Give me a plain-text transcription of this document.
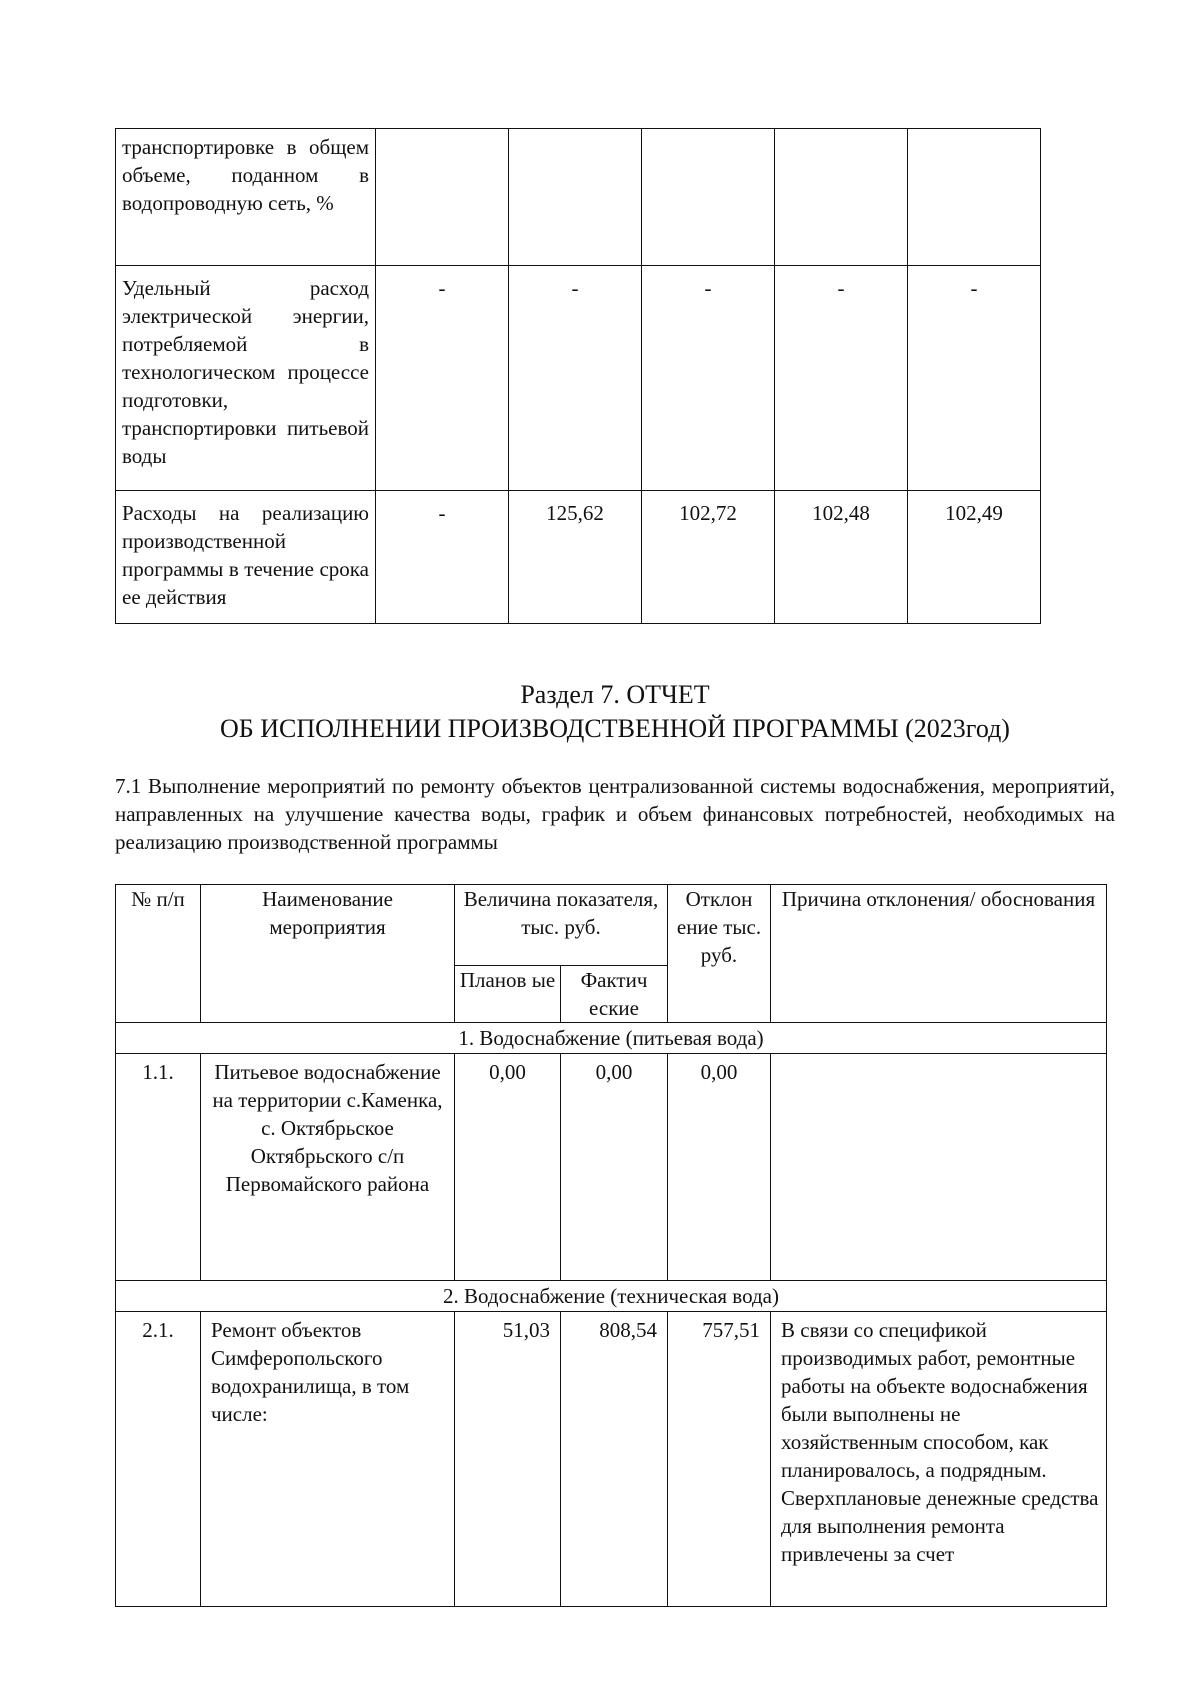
транспортировке в общем объеме, поданном в водопроводную сеть, %					
Удельный расход электрической энергии, потребляемой в технологическом процессе подготовки, транспортировки питьевой воды	-	-	-	-	-
Расходы на реализацию производственной программы в течение срока ее действия	-	125,62	102,72	102,48	102,49
Раздел 7. ОТЧЕТ
ОБ ИСПОЛНЕНИИ ПРОИЗВОДСТВЕННОЙ ПРОГРАММЫ (2023год)

7.1 Выполнение мероприятий по ремонту объектов централизованной системы водоснабжения, мероприятий, направленных на улучшение качества воды, график и объем финансовых потребностей, необходимых на реализацию производственной программы

№ п/п	Наименование мероприятия	Величина показателя, тыс. руб.		Отклон ение тыс. руб.	Причина отклонения/ обоснования
		Планов ые	Фактич еские		
1. Водоснабжение (питьевая вода)					
1.1.	Питьевое водоснабжение на территории с.Каменка, с. Октябрьское Октябрьского с/п Первомайского района	0,00	0,00	0,00	
2. Водоснабжение (техническая вода)					
2.1.	Ремонт объектов Симферопольского водохранилища, в том числе:	51,03	808,54	757,51	В связи со спецификой производимых работ, ремонтные работы на объекте водоснабжения были выполнены не хозяйственным способом, как планировалось, а подрядным. Сверхплановые денежные средства для выполнения ремонта привлечены за счет
